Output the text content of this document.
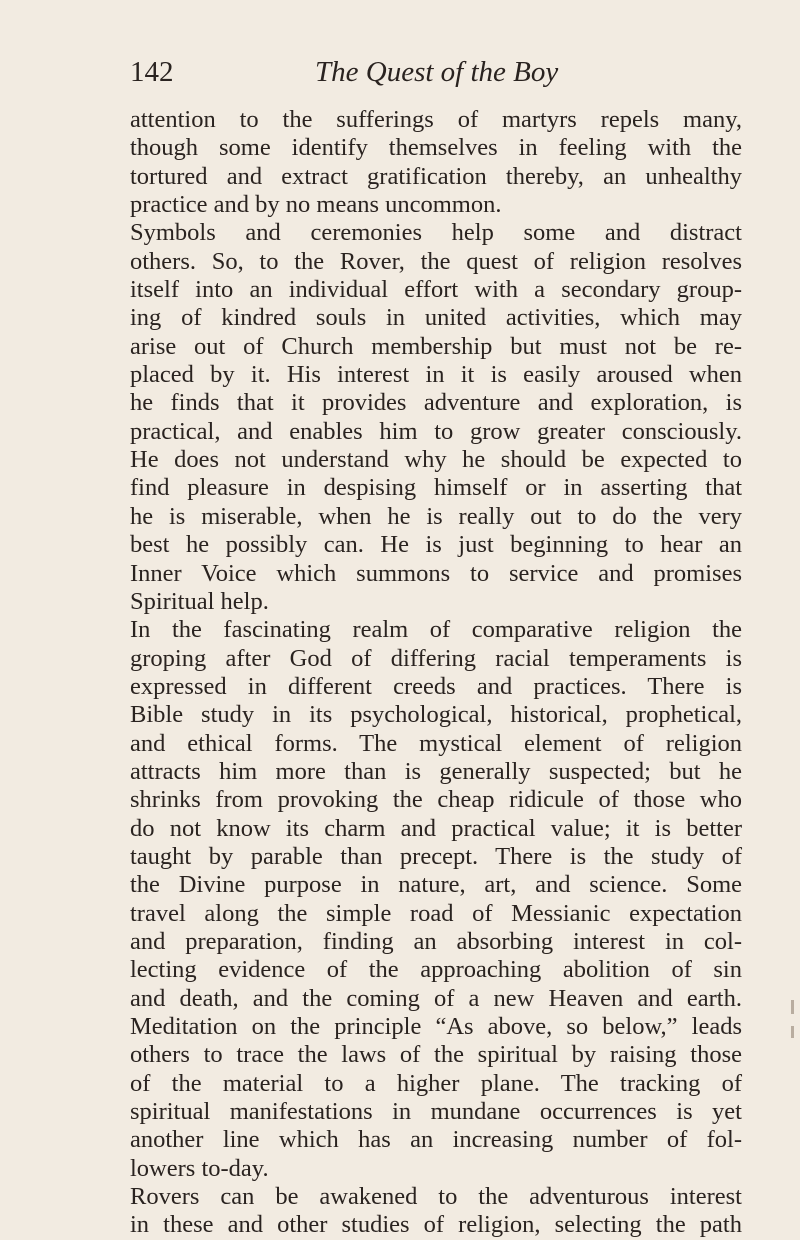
142	The Quest of the Boy
attention to the sufferings of martyrs repels many,
though some identify themselves in feeling with the
tortured and extract gratification thereby, an unhealthy
practice and by no means uncommon.
Symbols and ceremonies help some and distract
others. So, to the Rover, the quest of religion resolves
itself into an individual effort with a secondary group-
ing of kindred souls in united activities, which may
arise out of Church membership but must not be re-
placed by it. His interest in it is easily aroused when
he finds that it provides adventure and exploration, is
practical, and enables him to grow greater consciously.
He does not understand why he should be expected to
find pleasure in despising himself or in asserting that
he is miserable, when he is really out to do the very
best he possibly can. He is just beginning to hear an
Inner Voice which summons to service and promises
Spiritual help.
In the fascinating realm of comparative religion the
groping after God of differing racial temperaments is
expressed in different creeds and practices. There is
Bible study in its psychological, historical, prophetical,
and ethical forms. The mystical element of religion
attracts him more than is generally suspected; but he
shrinks from provoking the cheap ridicule of those who
do not know its charm and practical value; it is better
taught by parable than precept. There is the study of
the Divine purpose in nature, art, and science. Some
travel along the simple road of Messianic expectation
and preparation, finding an absorbing interest in col-
lecting evidence of the approaching abolition of sin
and death, and the coming of a new Heaven and earth.
Meditation on the principle “As above, so below,” leads
others to trace the laws of the spiritual by raising those
of the material to a higher plane. The tracking of
spiritual manifestations in mundane occurrences is yet
another line which has an increasing number of fol-
lowers to-day.
Rovers can be awakened to the adventurous interest
in these and other studies of religion, selecting the path
